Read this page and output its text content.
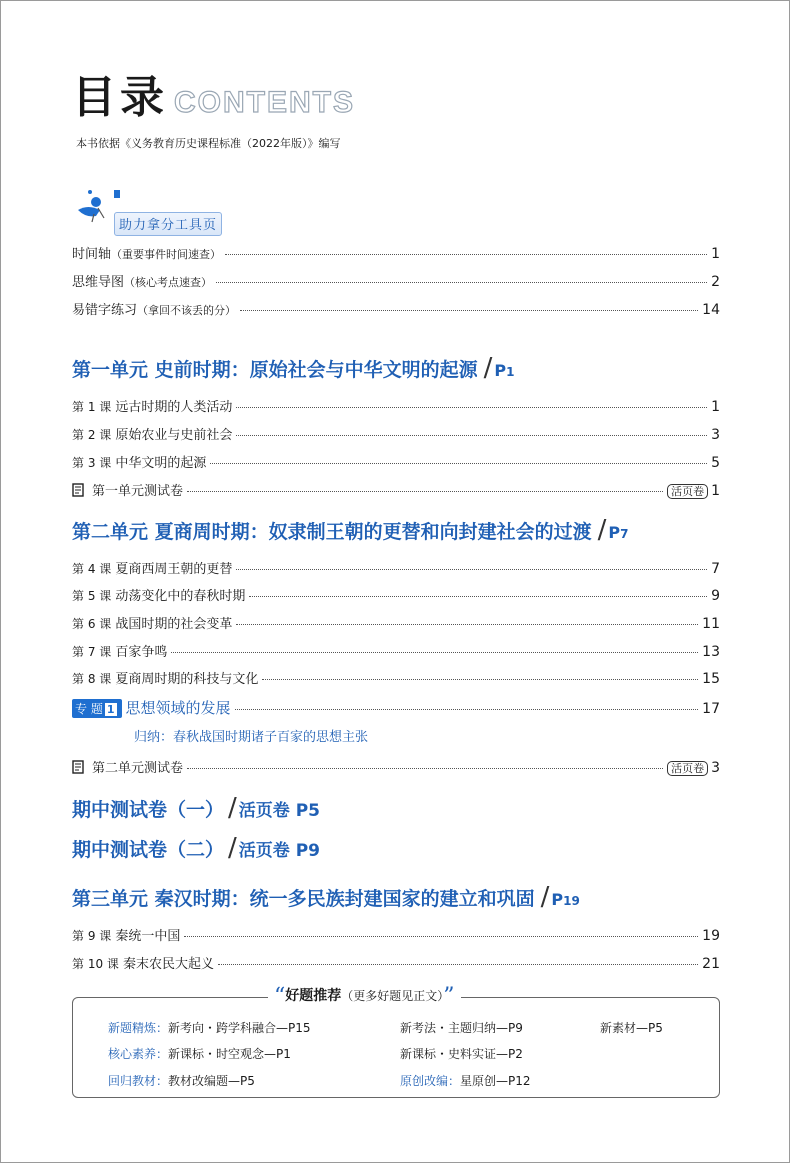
目录 CONTENTS
本书依据《义务教育历史课程标准（2022年版）》编写
助力拿分工具页
时间轴（重要事件时间速查）	1
思维导图（核心考点速查）	2
易错字练习（拿回不该丢的分）	14
第一单元 史前时期：原始社会与中华文明的起源 / P1
第 1 课 远古时期的人类活动	1
第 2 课 原始农业与史前社会	3
第 3 课 中华文明的起源	5
第一单元测试卷	活页卷 1
第二单元 夏商周时期：奴隶制王朝的更替和向封建社会的过渡 / P7
第 4 课 夏商西周王朝的更替	7
第 5 课 动荡变化中的春秋时期	9
第 6 课 战国时期的社会变革	11
第 7 课 百家争鸣	13
第 8 课 夏商周时期的科技与文化	15
专 题 1 思想领域的发展	17
归纳：春秋战国时期诸子百家的思想主张
第二单元测试卷	活页卷 3
期中测试卷（一） / 活页卷 P5
期中测试卷（二） / 活页卷 P9
第三单元 秦汉时期：统一多民族封建国家的建立和巩固 / P19
第 9 课 秦统一中国	19
第 10 课 秦末农民大起义	21
“好题推荐（更多好题见正文）”
新题精炼：新考向・跨学科融合—P15	新考法・主题归纳—P9	新素材—P5
核心素养：新课标・时空观念—P1	新课标・史料实证—P2
回归教材：教材改编题—P5	原创改编：星原创—P12
